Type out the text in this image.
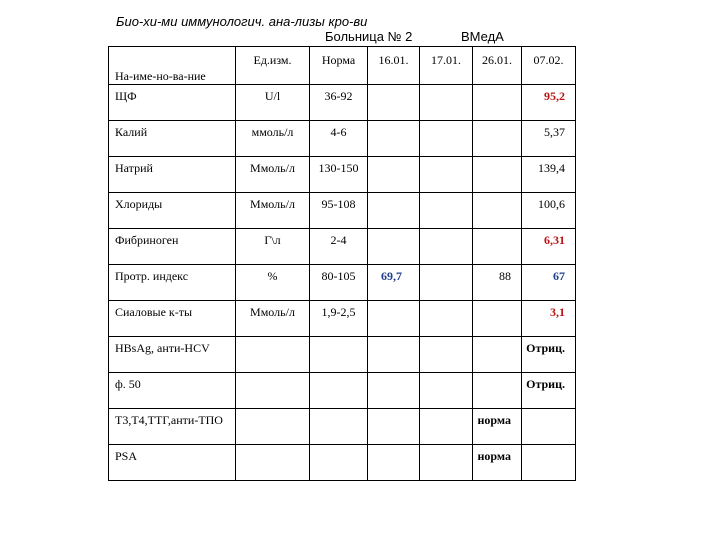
Био-хи-ми иммунологич. ана-лизы кро-ви
Больница № 2	ВМедА
На-име-но-ва-ние	Ед.изм.	Норма	16.01.	17.01.	26.01.	07.02.
ЩФ	U/l	36-92				95,2
Калий	ммоль/л	4-6				5,37
Натрий	Ммоль/л	130-150				139,4
Хлориды	Ммоль/л	95-108				100,6
Фибриноген	Г\л	2-4				6,31
Протр. индекс	%	80-105	69,7		88	67
Сиаловые к-ты	Ммоль/л	1,9-2,5				3,1
HBsAg, анти-HCV						Отриц.
ф. 50						Отриц.
Т3,Т4,ТТГ,анти-ТПО					норма	
PSA					норма	
